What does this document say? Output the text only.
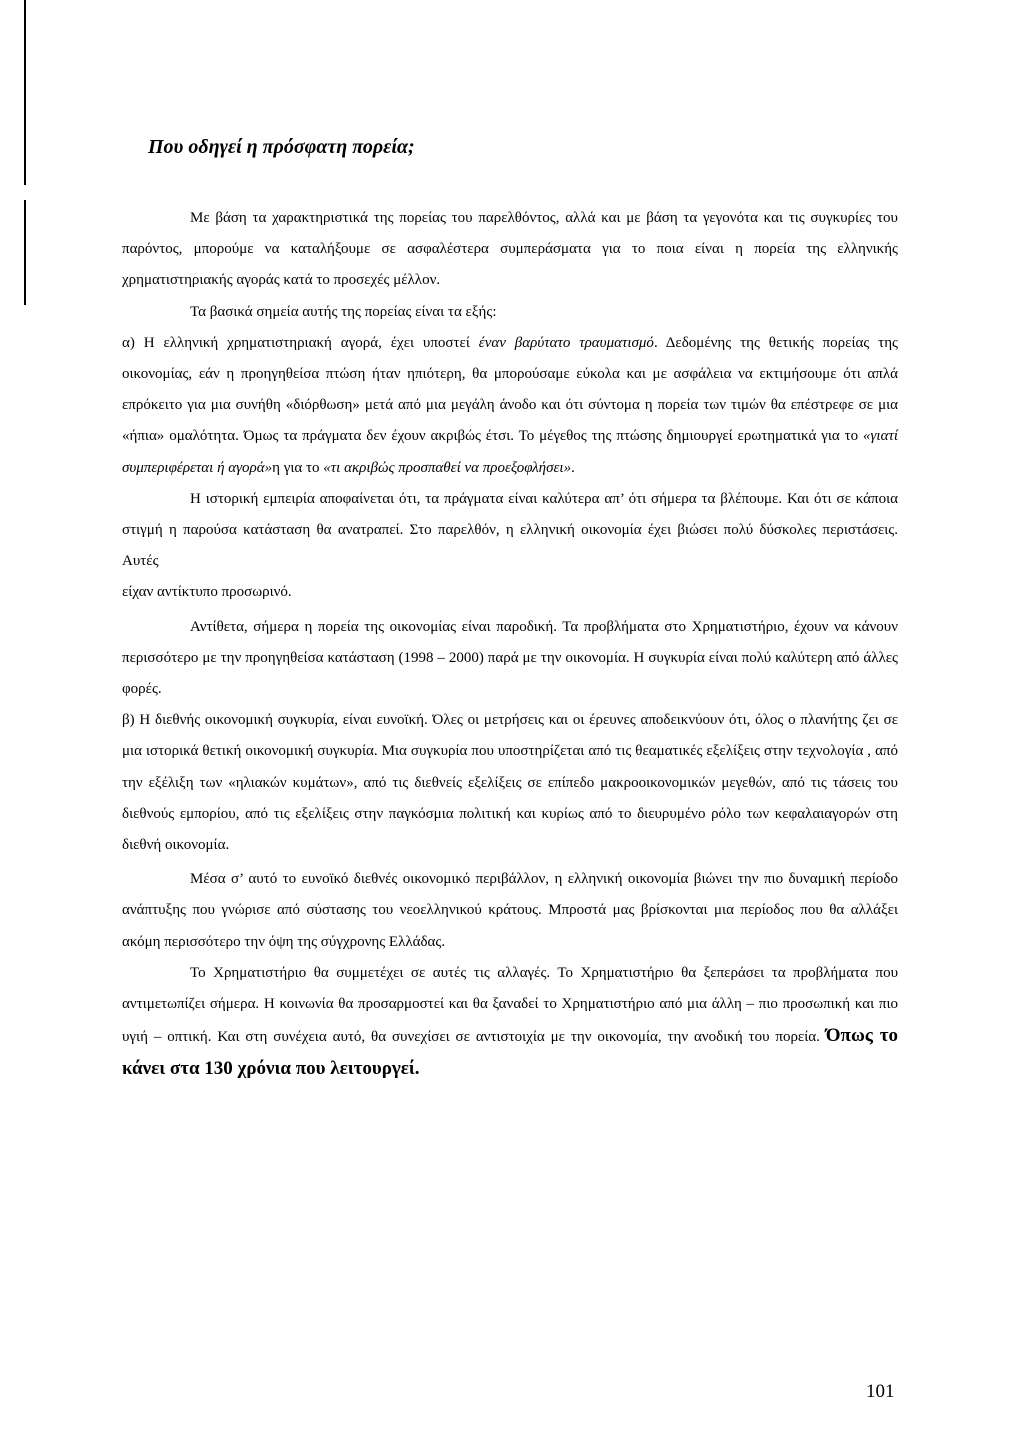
Που οδηγεί η πρόσφατη πορεία;

Με βάση τα χαρακτηριστικά της πορείας του παρελθόντος, αλλά και με βάση τα γεγονότα και τις συγκυρίες του παρόντος, μπορούμε να καταλήξουμε σε ασφαλέστερα συμπεράσματα για το ποια είναι η πορεία της ελληνικής χρηματιστηριακής αγοράς κατά το προσεχές μέλλον.

Τα βασικά σημεία αυτής της πορείας είναι τα εξής:

α) Η ελληνική χρηματιστηριακή αγορά, έχει υποστεί έναν βαρύτατο τραυματισμό. Δεδομένης της θετικής πορείας της οικονομίας, εάν η προηγηθείσα πτώση ήταν ηπιότερη, θα μπορούσαμε εύκολα και με ασφάλεια να εκτιμήσουμε ότι απλά επρόκειτο για μια συνήθη «διόρθωση» μετά από μια μεγάλη άνοδο και ότι σύντομα η πορεία των τιμών θα επέστρεφε σε μια «ήπια» ομαλότητα. Όμως τα πράγματα δεν έχουν ακριβώς έτσι. Το μέγεθος της πτώσης δημιουργεί ερωτηματικά για το «γιατί συμπεριφέρεται ή αγορά»η για το «τι ακριβώς προσπαθεί να προεξοφλήσει».

Η ιστορική εμπειρία αποφαίνεται ότι, τα πράγματα είναι καλύτερα απ’ ότι σήμερα τα βλέπουμε. Και ότι σε κάποια στιγμή η παρούσα κατάσταση θα ανατραπεί. Στο παρελθόν, η ελληνική οικονομία έχει βιώσει πολύ δύσκολες περιστάσεις. Αυτές

είχαν αντίκτυπο προσωρινό.

Αντίθετα, σήμερα η πορεία της οικονομίας είναι παροδική. Τα προβλήματα στο Χρηματιστήριο, έχουν να κάνουν περισσότερο με την προηγηθείσα κατάσταση (1998 – 2000) παρά με την οικονομία. Η συγκυρία είναι πολύ καλύτερη από άλλες φορές.

β) Η διεθνής οικονομική συγκυρία, είναι ευνοϊκή. Όλες οι μετρήσεις και οι έρευνες αποδεικνύουν ότι, όλος ο πλανήτης ζει σε μια ιστορικά θετική οικονομική συγκυρία. Μια συγκυρία που υποστηρίζεται από τις θεαματικές εξελίξεις στην τεχνολογία , από την εξέλιξη των «ηλιακών κυμάτων», από τις διεθνείς εξελίξεις σε επίπεδο μακροοικονομικών μεγεθών, από τις τάσεις του διεθνούς εμπορίου, από τις εξελίξεις στην παγκόσμια πολιτική και κυρίως από το διευρυμένο ρόλο των κεφαλαιαγορών στη διεθνή οικονομία.

Μέσα σ’ αυτό το ευνοϊκό διεθνές οικονομικό περιβάλλον, η ελληνική οικονομία βιώνει την πιο δυναμική περίοδο ανάπτυξης που γνώρισε από σύστασης του νεοελληνικού κράτους. Μπροστά μας βρίσκονται μια περίοδος που θα αλλάξει ακόμη περισσότερο την όψη της σύγχρονης Ελλάδας.

Το Χρηματιστήριο θα συμμετέχει σε αυτές τις αλλαγές. Το Χρηματιστήριο θα ξεπεράσει τα προβλήματα που αντιμετωπίζει σήμερα. Η κοινωνία θα προσαρμοστεί και θα ξαναδεί το Χρηματιστήριο από μια άλλη – πιο προσωπική και πιο υγιή – οπτική. Και στη συνέχεια αυτό, θα συνεχίσει σε αντιστοιχία με την οικονομία, την ανοδική του πορεία. Όπως το κάνει στα 130 χρόνια που λειτουργεί.

101
